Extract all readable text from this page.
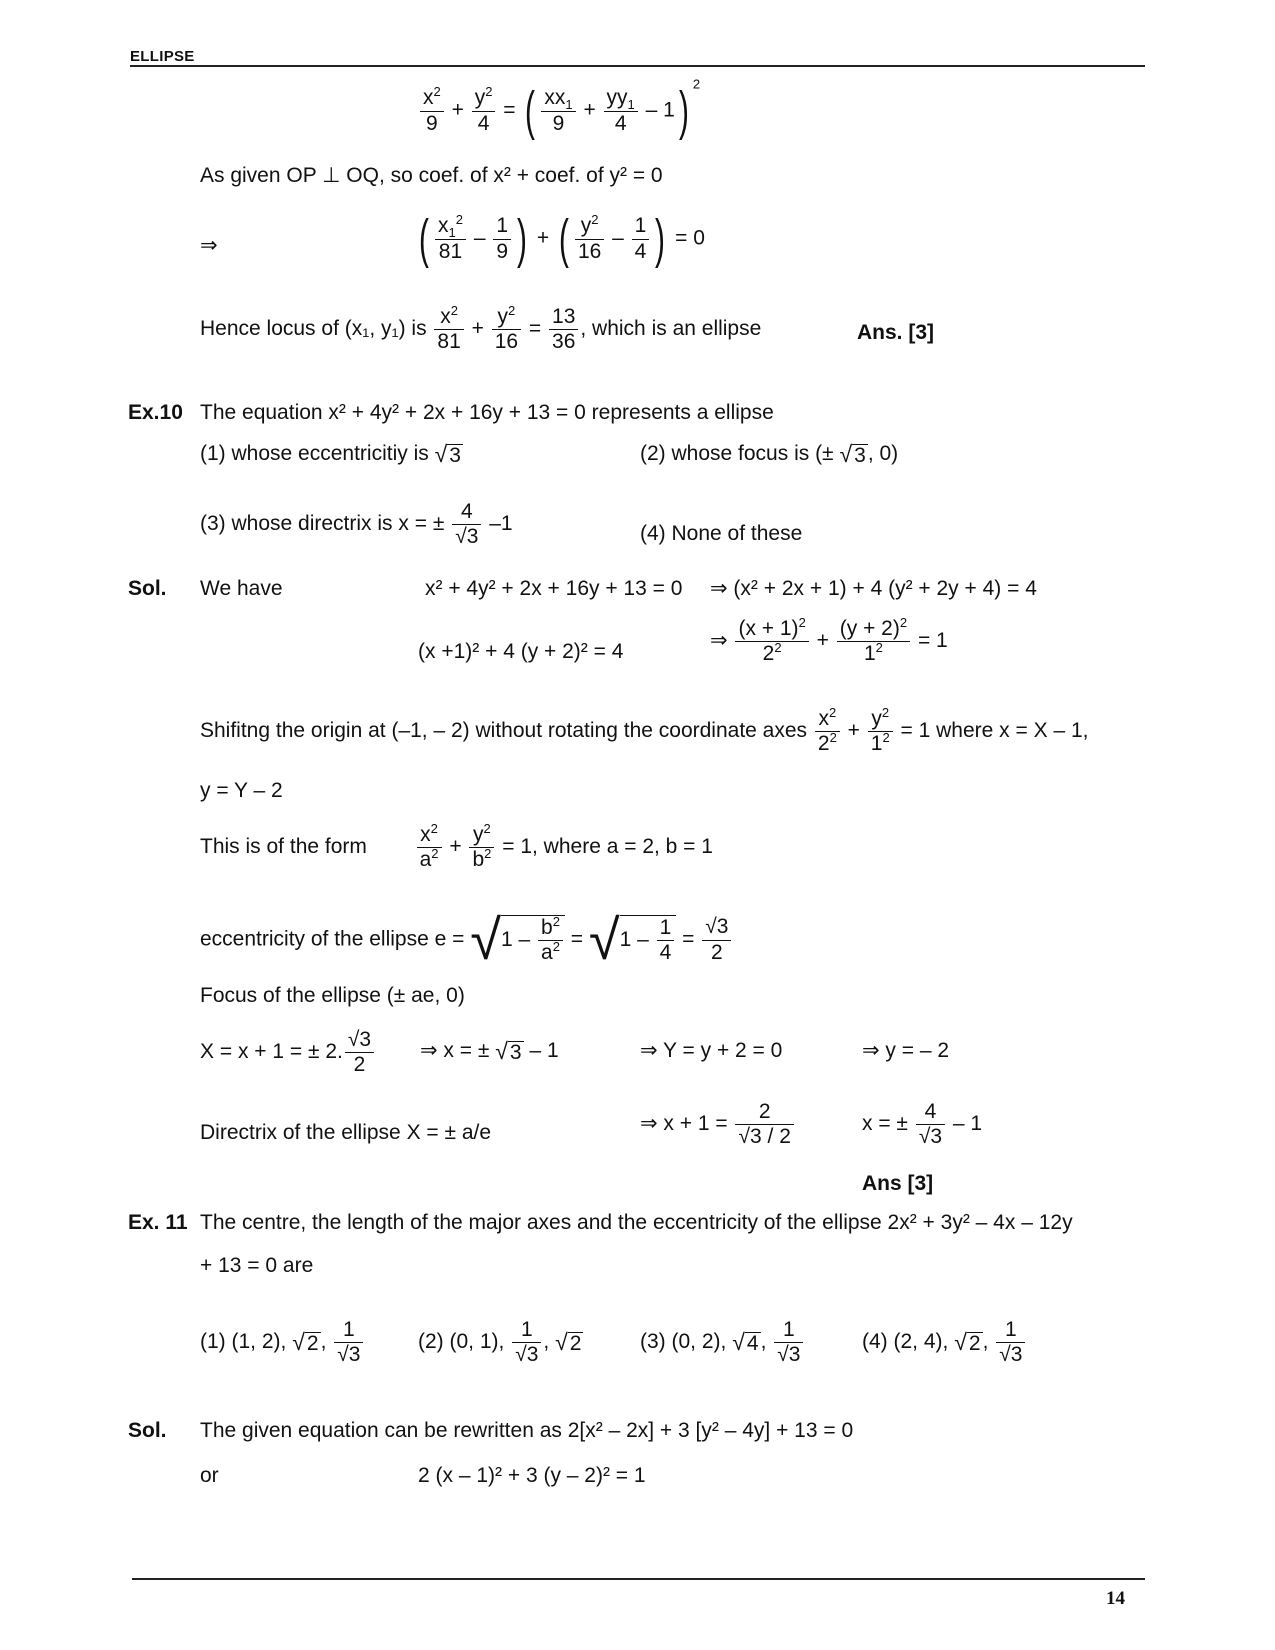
ELLIPSE
$\frac{x^2}{9} + \frac{y^2}{4}$ = ( $\frac{xx_1}{9} + \frac{yy_1}{4} - 1$) $^2$
As given OP ⊥ OQ, so coef. of x² + coef. of y² = 0
⇒	( $\frac{x_1^2}{81} - \frac{1}{9}$ ) + ( $\frac{y^2}{16} - \frac{1}{4}$ ) = 0
Hence locus of (x₁, y₁) is $\frac{x^2}{81} + \frac{y^2}{16} = \frac{13}{36}$ , which is an ellipse	Ans. [3]
Ex.10 The equation x² + 4y² + 2x + 16y + 13 = 0 represents a ellipse
(1) whose eccentricitiy is √3	(2) whose focus is (± √3, 0)
(3) whose directrix is x = ± $\frac{4}{√3} -1$	(4) None of these
Sol. We have	x² + 4y² + 2x + 16y + 13 = 0 ⇒ (x² + 2x + 1) + 4 (y² + 2y + 4) = 4
(x +1)² + 4 (y + 2)² = 4	⇒ $\frac{(x + 1)^2}{2^2} + \frac{(y + 2)^2}{1^2} = 1$
Shifitng the origin at (–1, – 2) without rotating the coordinate axes $\frac{x^2}{2^2} + \frac{y^2}{1^2} = 1$ where x = X – 1,
y = Y – 2
This is of the form $\frac{x^2}{a^2} + \frac{y^2}{b^2} = 1$, where a = 2, b = 1
eccentricity of the ellipse $e = √1 - \frac{b^2}{a^2} = √1 - \frac{1}{4} = \frac{√3}{2}$
Focus of the ellipse (± ae, 0)
X = x + 1 = ± 2. $\frac{√3}{2}$ ⇒ x = ± √3 – 1	⇒ Y = y + 2 = 0	⇒ y = – 2
Directrix of the ellipse X = ± a/e	⇒ $x + 1 = \frac{2}{√3 / 2}$	x = ± $\frac{4}{√3} - 1$
Ans [3]
Ex. 11 The centre, the length of the major axes and the eccentricity of the ellipse 2x² + 3y² – 4x – 12y
+ 13 = 0 are
(1) (1, 2), √2, $\frac{1}{√3}$	(2) (0, 1), $\frac{1}{√3}$ , √2	(3) (0, 2), √4, $\frac{1}{√3}$	(4) (2, 4), √2, $\frac{1}{√3}$
Sol. The given equation can be rewritten as 2[x² – 2x] + 3 [y² – 4y] + 13 = 0
or	2 (x – 1)² + 3 (y – 2)² = 1
14
